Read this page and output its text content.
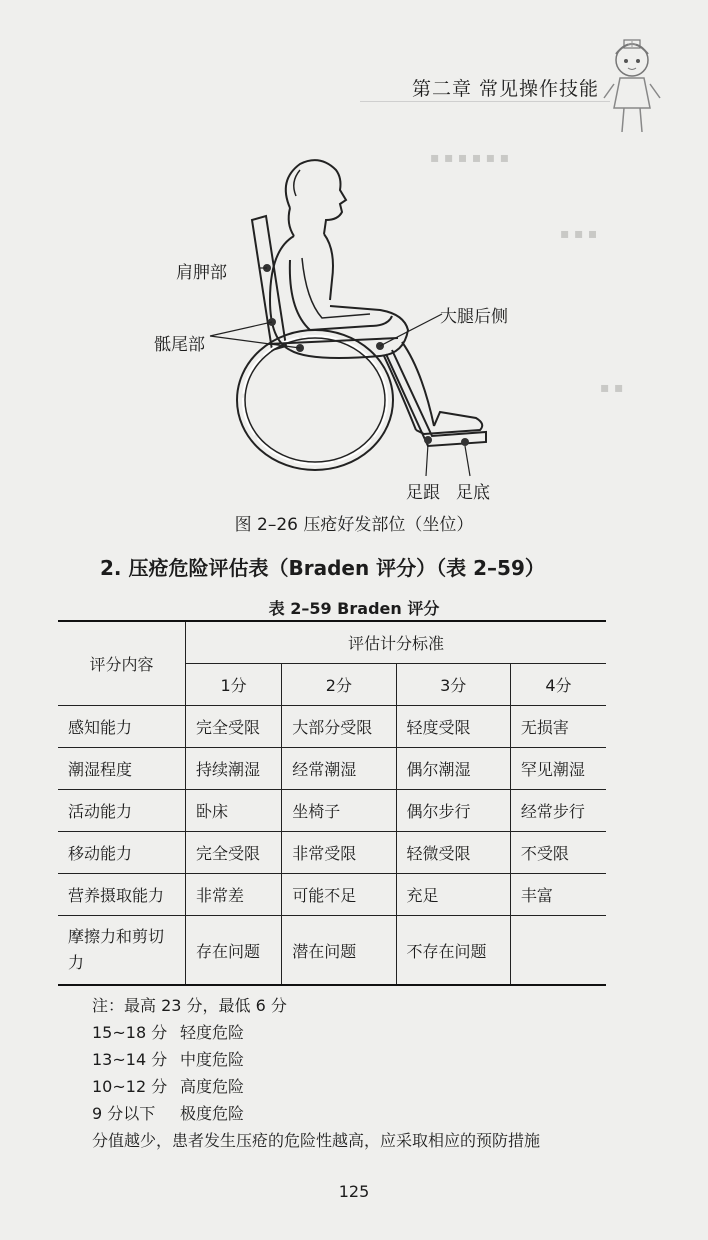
第二章 常见操作技能
▪ ▪ ▪ ▪ ▪ ▪
▪ ▪ ▪
▪ ▪
肩胛部
骶尾部
大腿后侧
足跟 足底
图 2–26 压疮好发部位（坐位）
2. 压疮危险评估表（Braden 评分）（表 2–59）
表 2–59 Braden 评分
评分内容	评估计分标准			
	1分	2分	3分	4分
感知能力	完全受限	大部分受限	轻度受限	无损害
潮湿程度	持续潮湿	经常潮湿	偶尔潮湿	罕见潮湿
活动能力	卧床	坐椅子	偶尔步行	经常步行
移动能力	完全受限	非常受限	轻微受限	不受限
营养摄取能力	非常差	可能不足	充足	丰富
摩擦力和剪切力	存在问题	潜在问题	不存在问题	
注：最高 23 分，最低 6 分
15~18 分 轻度危险
13~14 分 中度危险
10~12 分 高度危险
9 分以下 极度危险
分值越少，患者发生压疮的危险性越高，应采取相应的预防措施
125
